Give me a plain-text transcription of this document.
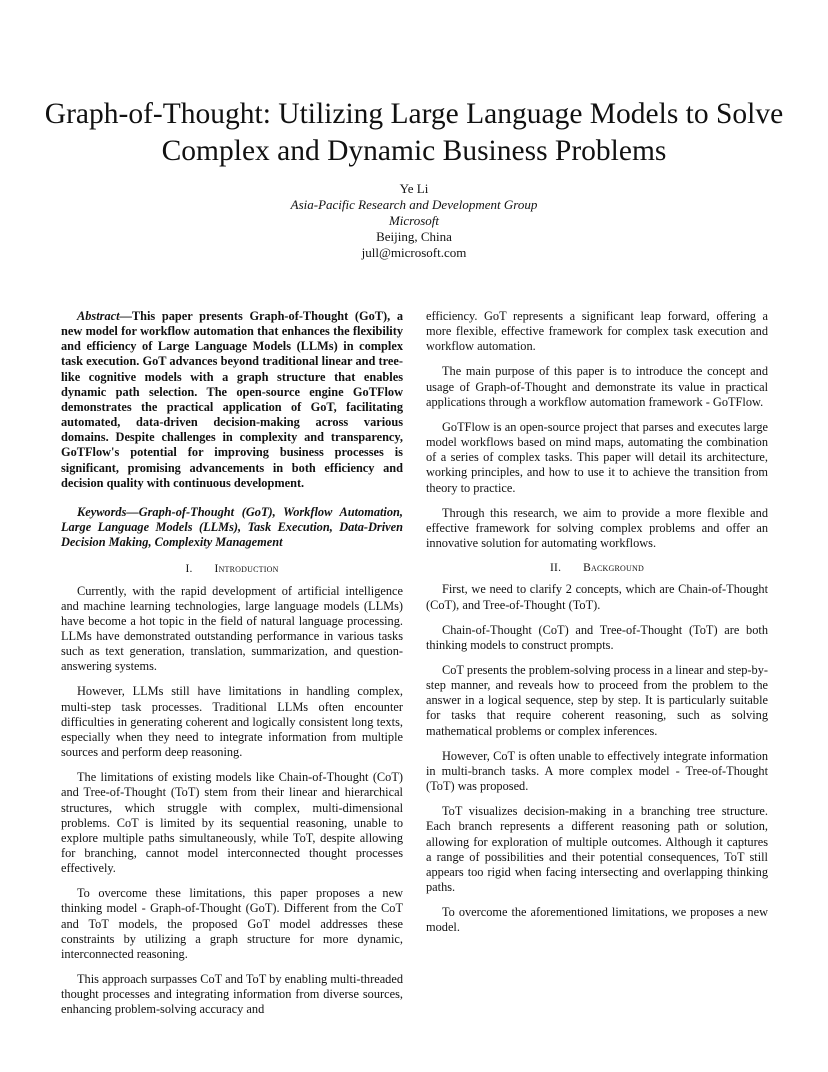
Graph-of-Thought: Utilizing Large Language Models to Solve Complex and Dynamic Business Problems
Ye Li
Asia-Pacific Research and Development Group
Microsoft
Beijing, China
jull@microsoft.com

Abstract—This paper presents Graph-of-Thought (GoT), a new model for workflow automation that enhances the flexibility and efficiency of Large Language Models (LLMs) in complex task execution. GoT advances beyond traditional linear and tree-like cognitive models with a graph structure that enables dynamic path selection. The open-source engine GoTFlow demonstrates the practical application of GoT, facilitating automated, data-driven decision-making across various domains. Despite challenges in complexity and transparency, GoTFlow's potential for improving business processes is significant, promising advancements in both efficiency and decision quality with continuous development.

Keywords—Graph-of-Thought (GoT), Workflow Automation, Large Language Models (LLMs), Task Execution, Data-Driven Decision Making, Complexity Management

I. Introduction

Currently, with the rapid development of artificial intelligence and machine learning technologies, large language models (LLMs) have become a hot topic in the field of natural language processing. LLMs have demonstrated outstanding performance in various tasks such as text generation, translation, summarization, and question-answering systems.

However, LLMs still have limitations in handling complex, multi-step task processes. Traditional LLMs often encounter difficulties in generating coherent and logically consistent long texts, especially when they need to integrate information from multiple sources and perform deep reasoning.

The limitations of existing models like Chain-of-Thought (CoT) and Tree-of-Thought (ToT) stem from their linear and hierarchical structures, which struggle with complex, multi-dimensional problems. CoT is limited by its sequential reasoning, unable to explore multiple paths simultaneously, while ToT, despite allowing for branching, cannot model interconnected thought processes effectively.

To overcome these limitations, this paper proposes a new thinking model - Graph-of-Thought (GoT). Different from the CoT and ToT models, the proposed GoT model addresses these constraints by utilizing a graph structure for more dynamic, interconnected reasoning.

This approach surpasses CoT and ToT by enabling multi-threaded thought processes and integrating information from diverse sources, enhancing problem-solving accuracy and

efficiency. GoT represents a significant leap forward, offering a more flexible, effective framework for complex task execution and workflow automation.

The main purpose of this paper is to introduce the concept and usage of Graph-of-Thought and demonstrate its value in practical applications through a workflow automation framework - GoTFlow.

GoTFlow is an open-source project that parses and executes large model workflows based on mind maps, automating the combination of a series of complex tasks. This paper will detail its architecture, working principles, and how to use it to achieve the transition from theory to practice.

Through this research, we aim to provide a more flexible and effective framework for solving complex problems and offer an innovative solution for automating workflows.

II. Background

First, we need to clarify 2 concepts, which are Chain-of-Thought (CoT), and Tree-of-Thought (ToT).

Chain-of-Thought (CoT) and Tree-of-Thought (ToT) are both thinking models to construct prompts.

CoT presents the problem-solving process in a linear and step-by-step manner, and reveals how to proceed from the problem to the answer in a logical sequence, step by step. It is particularly suitable for tasks that require coherent reasoning, such as solving mathematical problems or complex inferences.

However, CoT is often unable to effectively integrate information in multi-branch tasks. A more complex model - Tree-of-Thought (ToT) was proposed.

ToT visualizes decision-making in a branching tree structure. Each branch represents a different reasoning path or solution, allowing for exploration of multiple outcomes. Although it captures a range of possibilities and their potential consequences, ToT still appears too rigid when facing intersecting and overlapping thinking paths.

To overcome the aforementioned limitations, we proposes a new model.
